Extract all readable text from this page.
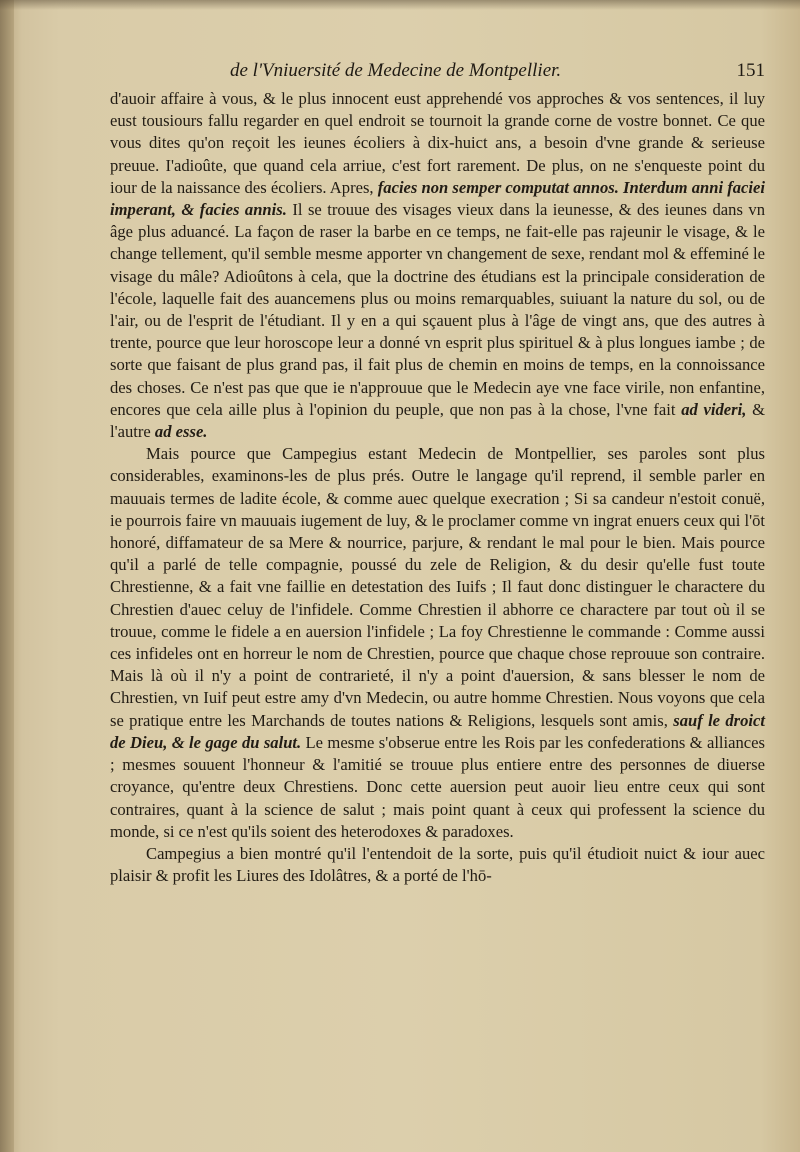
de l'Vniuersité de Medecine de Montpellier.	151

d'auoir affaire à vous, & le plus innocent eust apprehendé vos approches & vos sentences, il luy eust tousiours fallu regarder en quel endroit se tournoit la grande corne de vostre bonnet. Ce que vous dites qu'on reçoit les ieunes écoliers à dix-huict ans, a besoin d'vne grande & serieuse preuue. I'adioûte, que quand cela arriue, c'est fort rarement. De plus, on ne s'enqueste point du iour de la naissance des écoliers. Apres, facies non semper computat annos. Interdum anni faciei imperant, & facies annis. Il se trouue des visages vieux dans la ieunesse, & des ieunes dans vn âge plus aduancé. La façon de raser la barbe en ce temps, ne fait-elle pas rajeunir le visage, & le change tellement, qu'il semble mesme apporter vn changement de sexe, rendant mol & effeminé le visage du mâle? Adioûtons à cela, que la doctrine des étudians est la principale consideration de l'école, laquelle fait des auancemens plus ou moins remarquables, suiuant la nature du sol, ou de l'air, ou de l'esprit de l'étudiant. Il y en a qui sçauent plus à l'âge de vingt ans, que des autres à trente, pource que leur horoscope leur a donné vn esprit plus spirituel & à plus longues iambe ; de sorte que faisant de plus grand pas, il fait plus de chemin en moins de temps, en la connoissance des choses. Ce n'est pas que que ie n'approuue que le Medecin aye vne face virile, non enfantine, encores que cela aille plus à l'opinion du peuple, que non pas à la chose, l'vne fait ad videri, & l'autre ad esse.

Mais pource que Campegius estant Medecin de Montpellier, ses paroles sont plus considerables, examinons-les de plus prés. Outre le langage qu'il reprend, il semble parler en mauuais termes de ladite école, & comme auec quelque execration ; Si sa candeur n'estoit conuë, ie pourrois faire vn mauuais iugement de luy, & le proclamer comme vn ingrat enuers ceux qui l'ōt honoré, diffamateur de sa Mere & nourrice, parjure, & rendant le mal pour le bien. Mais pource qu'il a parlé de telle compagnie, poussé du zele de Religion, & du desir qu'elle fust toute Chrestienne, & a fait vne faillie en detestation des Iuifs ; Il faut donc distinguer le charactere du Chrestien d'auec celuy de l'infidele. Comme Chrestien il abhorre ce charactere par tout où il se trouue, comme le fidele a en auersion l'infidele ; La foy Chrestienne le commande : Comme aussi ces infideles ont en horreur le nom de Chrestien, pource que chaque chose reprouue son contraire. Mais là où il n'y a point de contrarieté, il n'y a point d'auersion, & sans blesser le nom de Chrestien, vn Iuif peut estre amy d'vn Medecin, ou autre homme Chrestien. Nous voyons que cela se pratique entre les Marchands de toutes nations & Religions, lesquels sont amis, sauf le droict de Dieu, & le gage du salut. Le mesme s'obserue entre les Rois par les confederations & alliances ; mesmes souuent l'honneur & l'amitié se trouue plus entiere entre des personnes de diuerse croyance, qu'entre deux Chrestiens. Donc cette auersion peut auoir lieu entre ceux qui sont contraires, quant à la science de salut ; mais point quant à ceux qui professent la science du monde, si ce n'est qu'ils soient des heterodoxes & paradoxes.

Campegius a bien montré qu'il l'entendoit de la sorte, puis qu'il étudioit nuict & iour auec plaisir & profit les Liures des Idolâtres, & a porté de l'hō-
